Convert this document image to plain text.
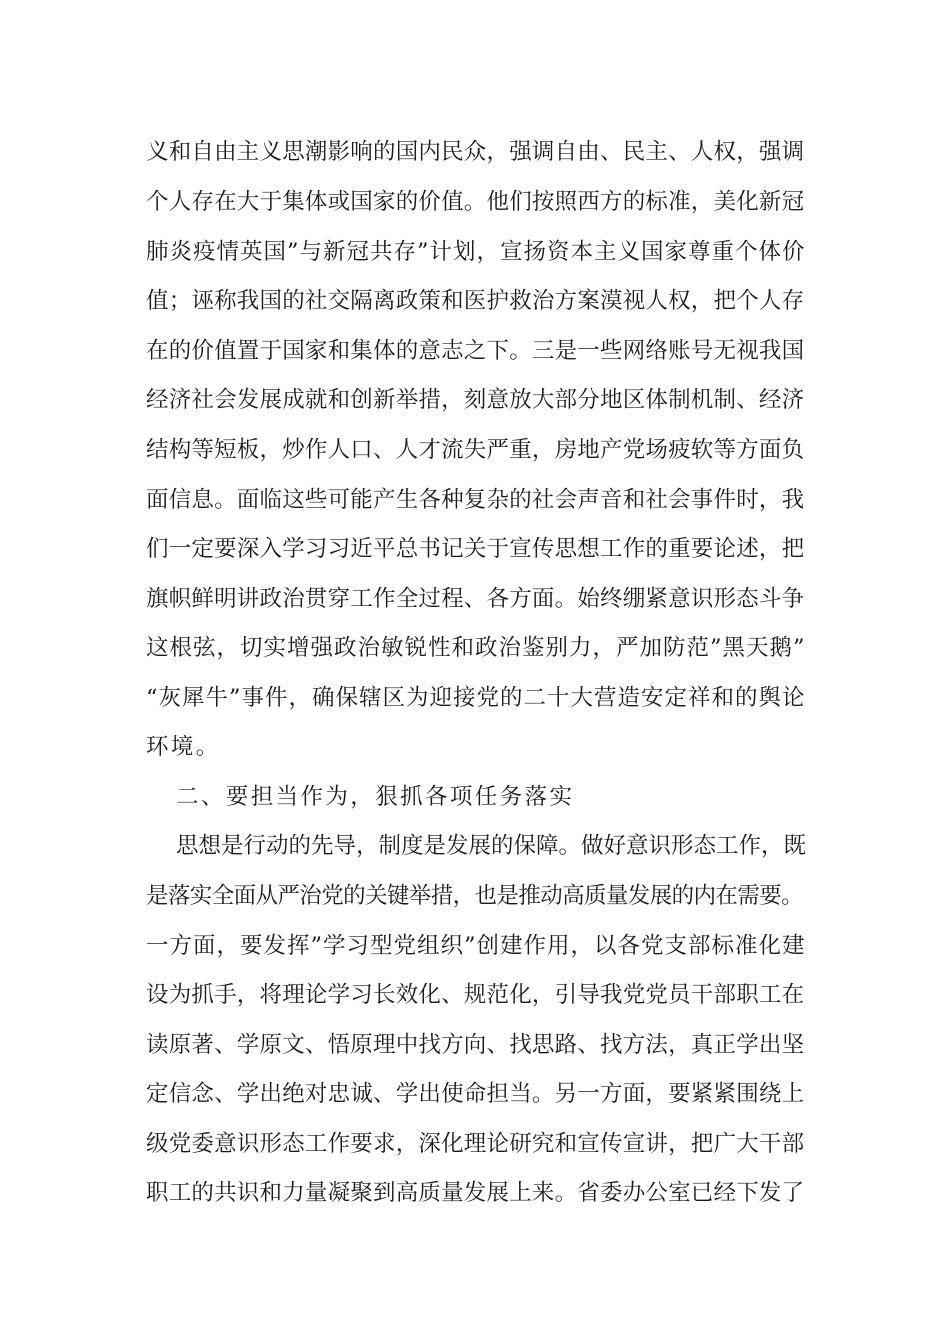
义和自由主义思潮影响的国内民众，强调自由、民主、人权，强调
个人存在大于集体或国家的价值。他们按照西方的标准，美化新冠
肺炎疫情英国”与新冠共存”计划，宣扬资本主义国家尊重个体价
值；诬称我国的社交隔离政策和医护救治方案漠视人权，把个人存
在的价值置于国家和集体的意志之下。三是一些网络账号无视我国
经济社会发展成就和创新举措，刻意放大部分地区体制机制、经济
结构等短板，炒作人口、人才流失严重，房地产党场疲软等方面负
面信息。面临这些可能产生各种复杂的社会声音和社会事件时，我
们一定要深入学习习近平总书记关于宣传思想工作的重要论述，把
旗帜鲜明讲政治贯穿工作全过程、各方面。始终绷紧意识形态斗争
这根弦，切实增强政治敏锐性和政治鉴别力，严加防范”黑天鹅”
“灰犀牛”事件，确保辖区为迎接党的二十大营造安定祥和的舆论
环境。
二、要担当作为，狠抓各项任务落实
思想是行动的先导，制度是发展的保障。做好意识形态工作，既
是落实全面从严治党的关键举措，也是推动高质量发展的内在需要。
一方面，要发挥”学习型党组织”创建作用，以各党支部标准化建
设为抓手，将理论学习长效化、规范化，引导我党党员干部职工在
读原著、学原文、悟原理中找方向、找思路、找方法，真正学出坚
定信念、学出绝对忠诚、学出使命担当。另一方面，要紧紧围绕上
级党委意识形态工作要求，深化理论研究和宣传宣讲，把广大干部
职工的共识和力量凝聚到高质量发展上来。省委办公室已经下发了
